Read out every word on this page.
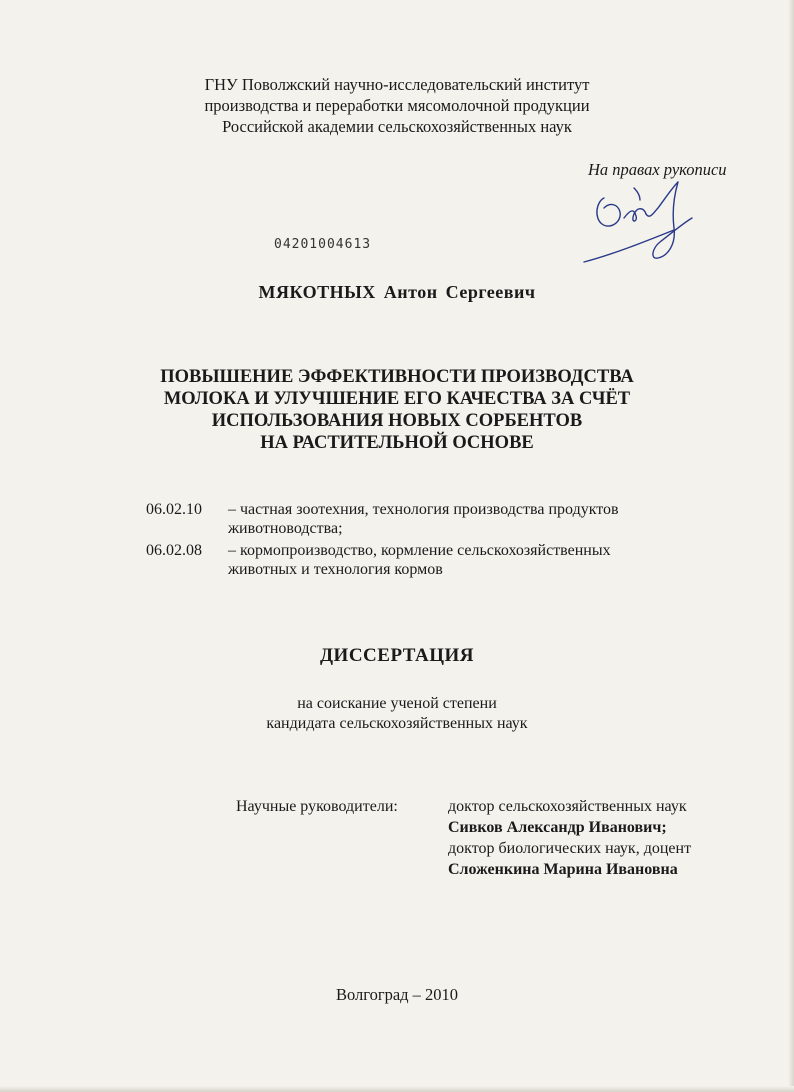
ГНУ Поволжский научно-исследовательский институт
производства и переработки мясомолочной продукции
Российской академии сельскохозяйственных наук
На правах рукописи
04201004613
МЯКОТНЫХ Антон Сергеевич
ПОВЫШЕНИЕ ЭФФЕКТИВНОСТИ ПРОИЗВОДСТВА
МОЛОКА И УЛУЧШЕНИЕ ЕГО КАЧЕСТВА ЗА СЧЁТ
ИСПОЛЬЗОВАНИЯ НОВЫХ СОРБЕНТОВ
НА РАСТИТЕЛЬНОЙ ОСНОВЕ
06.02.10	– частная зоотехния, технология производства продуктов животноводства;
06.02.08	– кормопроизводство, кормление сельскохозяйственных животных и технология кормов
ДИССЕРТАЦИЯ
на соискание ученой степени
кандидата сельскохозяйственных наук
Научные руководители:	доктор сельскохозяйственных наук
Сивков Александр Иванович;
доктор биологических наук, доцент
Сложенкина Марина Ивановна
Волгоград – 2010
